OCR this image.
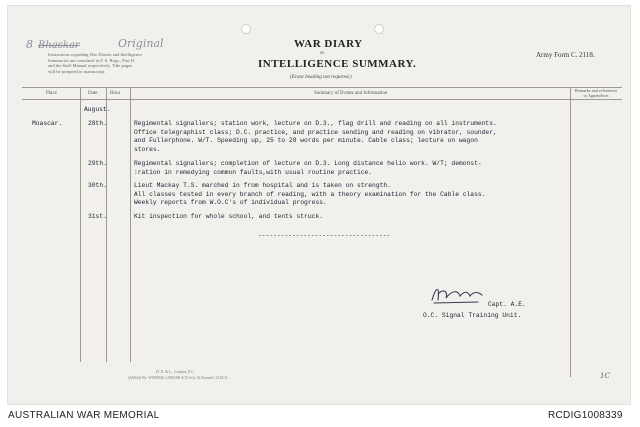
8 Bhaskar	Original
Instructions regarding War Diaries and Intelligence
Summaries are contained in F. S. Regs., Part II.
and the Staff Manual respectively. Title pages
will be prepared in manuscript.
WAR DIARY
or
INTELLIGENCE SUMMARY.
(Erase heading not required.)
Army Form C. 2118.
Place	Date	Hour	Summary of Events and Information
Remarks and references to Appendices
August.
Moascar.	28th.	Regimental signallers; station work, lecture on D.3., flag drill and reading on all instruments.
Office telegraphist class; D.C. practice, and practice sending and reading on vibrator, sounder,
and Fullerphone. W/T. Speeding up, 25 to 28 words per minute. Cable class; lecture on wagon
stores.
29th.	Regimental signallers; completion of lecture on D.3. Long distance helio work. W/T; demonst-
:ration in remedying common faults,with usual routine practice.
30th.	Lieut Mackay T.S. marched in from hospital and is taken on strength.
All classes tested in every branch of reading, with a theory examination for the Cable class.
Weekly reports from W.O.C's of individual progress.
31st.	Kit inspection for whole school, and tents struck.
-----------------------------------
Capt. A.E.
O.C. Signal Training Unit.
D. D. & L., London, E.C.
(A6944) Wt. W593/826 1,000,000 4/15 Sch. 52 Forms/C.2118/11.	1C
AUSTRALIAN WAR MEMORIAL	RCDIG1008339
